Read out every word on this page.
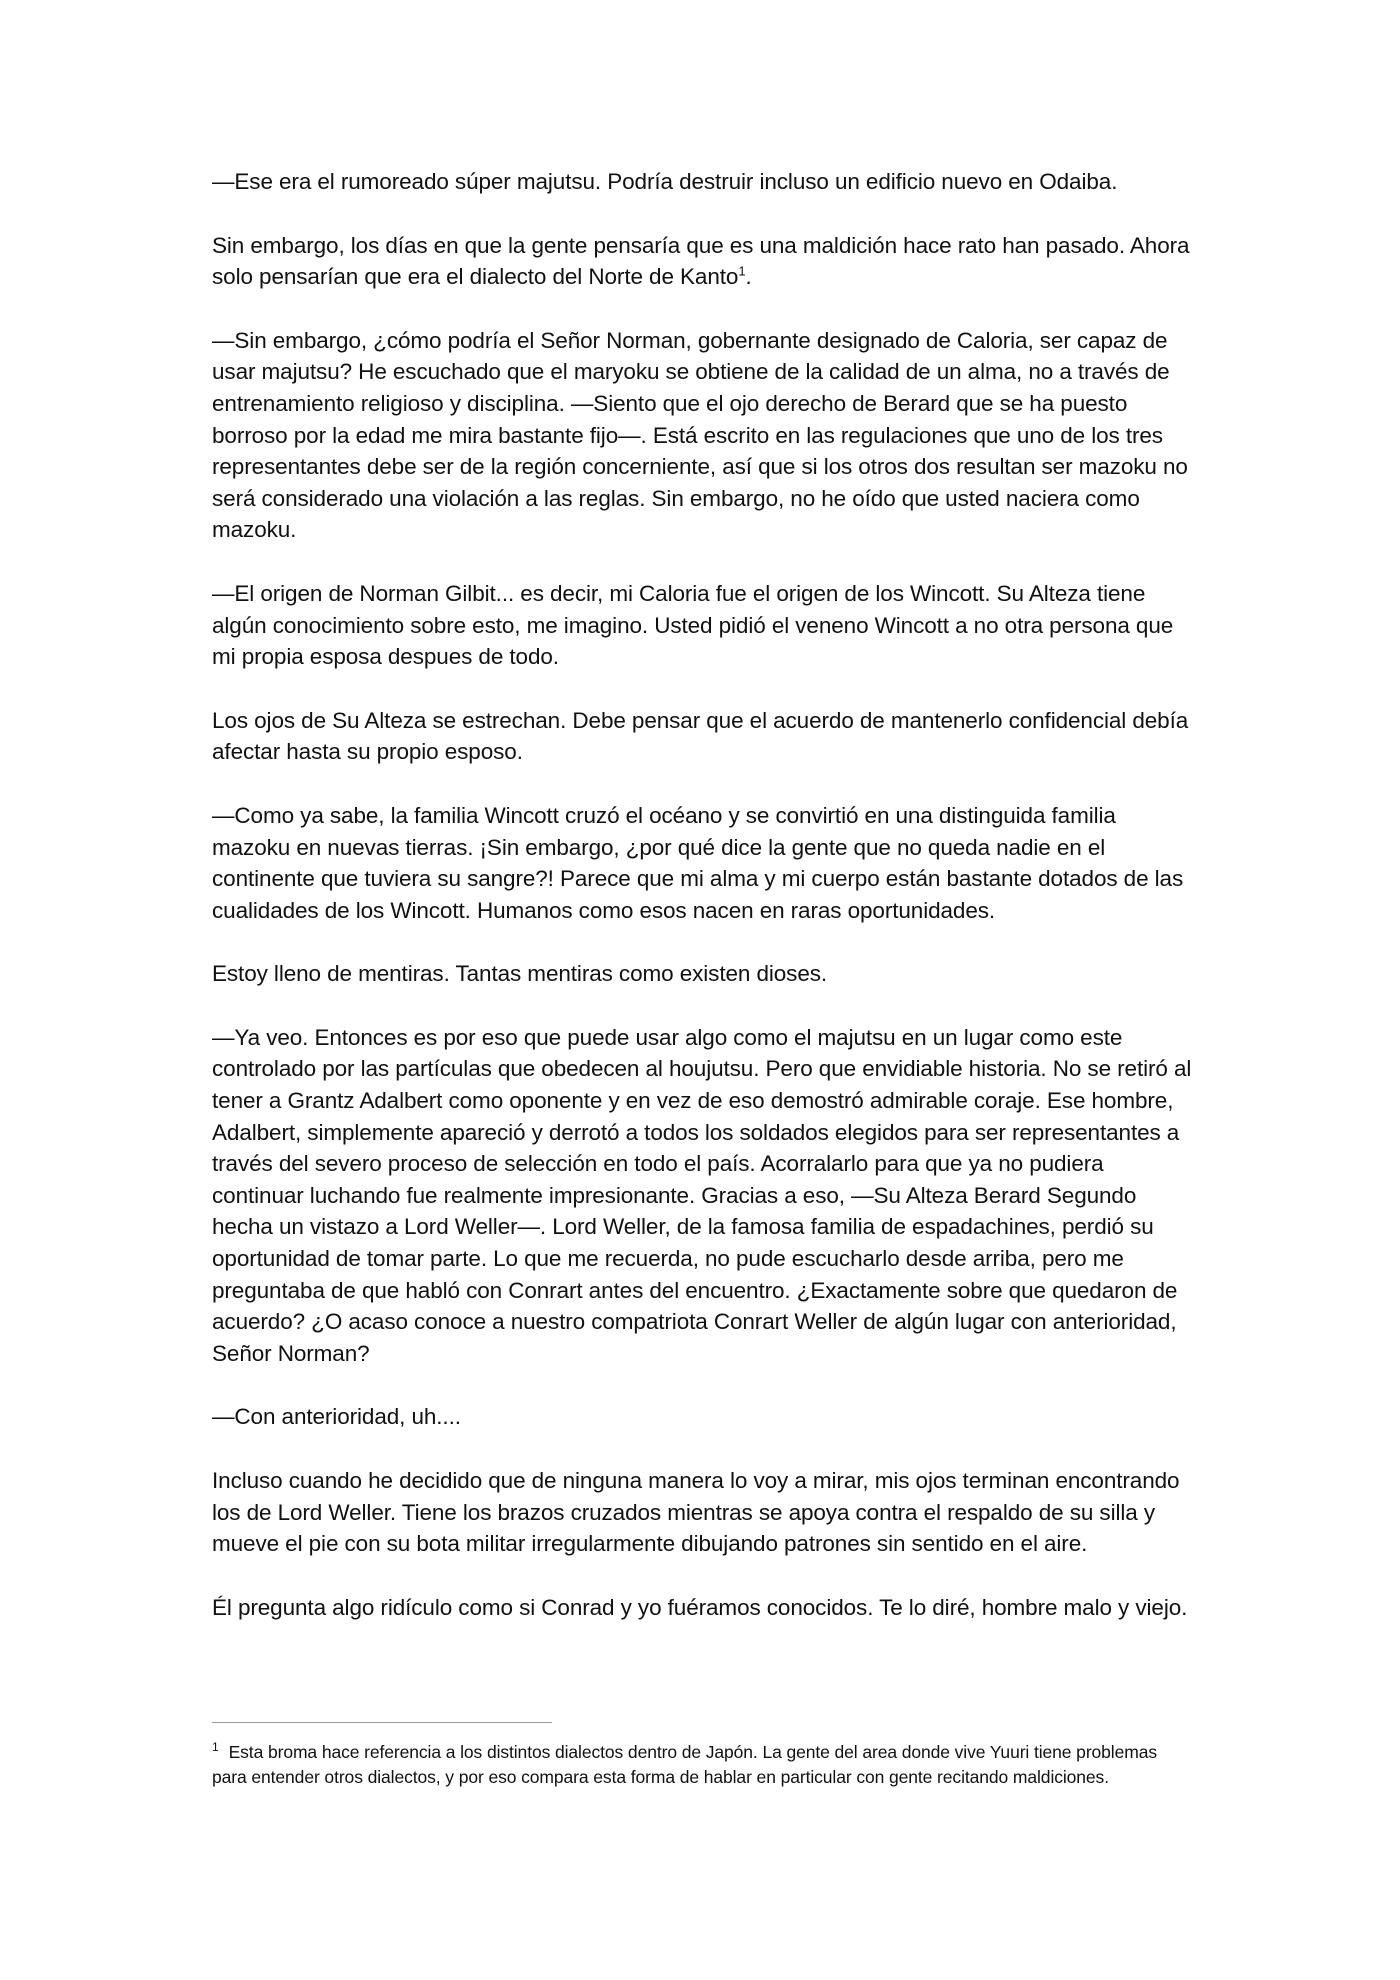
—Ese era el rumoreado súper majutsu. Podría destruir incluso un edificio nuevo en Odaiba.

Sin embargo, los días en que la gente pensaría que es una maldición hace rato han pasado. Ahora solo pensarían que era el dialecto del Norte de Kanto$^1$.

—Sin embargo, ¿cómo podría el Señor Norman, gobernante designado de Caloria, ser capaz de usar majutsu? He escuchado que el maryoku se obtiene de la calidad de un alma, no a través de entrenamiento religioso y disciplina. —Siento que el ojo derecho de Berard que se ha puesto borroso por la edad me mira bastante fijo—. Está escrito en las regulaciones que uno de los tres representantes debe ser de la región concerniente, así que si los otros dos resultan ser mazoku no será considerado una violación a las reglas. Sin embargo, no he oído que usted naciera como mazoku.

—El origen de Norman Gilbit... es decir, mi Caloria fue el origen de los Wincott. Su Alteza tiene algún conocimiento sobre esto, me imagino. Usted pidió el veneno Wincott a no otra persona que mi propia esposa despues de todo.

Los ojos de Su Alteza se estrechan. Debe pensar que el acuerdo de mantenerlo confidencial debía afectar hasta su propio esposo.

—Como ya sabe, la familia Wincott cruzó el océano y se convirtió en una distinguida familia mazoku en nuevas tierras. ¡Sin embargo, ¿por qué dice la gente que no queda nadie en el continente que tuviera su sangre?! Parece que mi alma y mi cuerpo están bastante dotados de las cualidades de los Wincott. Humanos como esos nacen en raras oportunidades.

Estoy lleno de mentiras. Tantas mentiras como existen dioses.

—Ya veo. Entonces es por eso que puede usar algo como el majutsu en un lugar como este controlado por las partículas que obedecen al houjutsu. Pero que envidiable historia. No se retiró al tener a Grantz Adalbert como oponente y en vez de eso demostró admirable coraje. Ese hombre, Adalbert, simplemente apareció y derrotó a todos los soldados elegidos para ser representantes a través del severo proceso de selección en todo el país. Acorralarlo para que ya no pudiera continuar luchando fue realmente impresionante. Gracias a eso, —Su Alteza Berard Segundo hecha un vistazo a Lord Weller—. Lord Weller, de la famosa familia de espadachines, perdió su oportunidad de tomar parte. Lo que me recuerda, no pude escucharlo desde arriba, pero me preguntaba de que habló con Conrart antes del encuentro. ¿Exactamente sobre que quedaron de acuerdo? ¿O acaso conoce a nuestro compatriota Conrart Weller de algún lugar con anterioridad, Señor Norman?

—Con anterioridad, uh....

Incluso cuando he decidido que de ninguna manera lo voy a mirar, mis ojos terminan encontrando los de Lord Weller. Tiene los brazos cruzados mientras se apoya contra el respaldo de su silla y mueve el pie con su bota militar irregularmente dibujando patrones sin sentido en el aire.

Él pregunta algo ridículo como si Conrad y yo fuéramos conocidos. Te lo diré, hombre malo y viejo.

$^1$ Esta broma hace referencia a los distintos dialectos dentro de Japón. La gente del area donde vive Yuuri tiene problemas para entender otros dialectos, y por eso compara esta forma de hablar en particular con gente recitando maldiciones.
